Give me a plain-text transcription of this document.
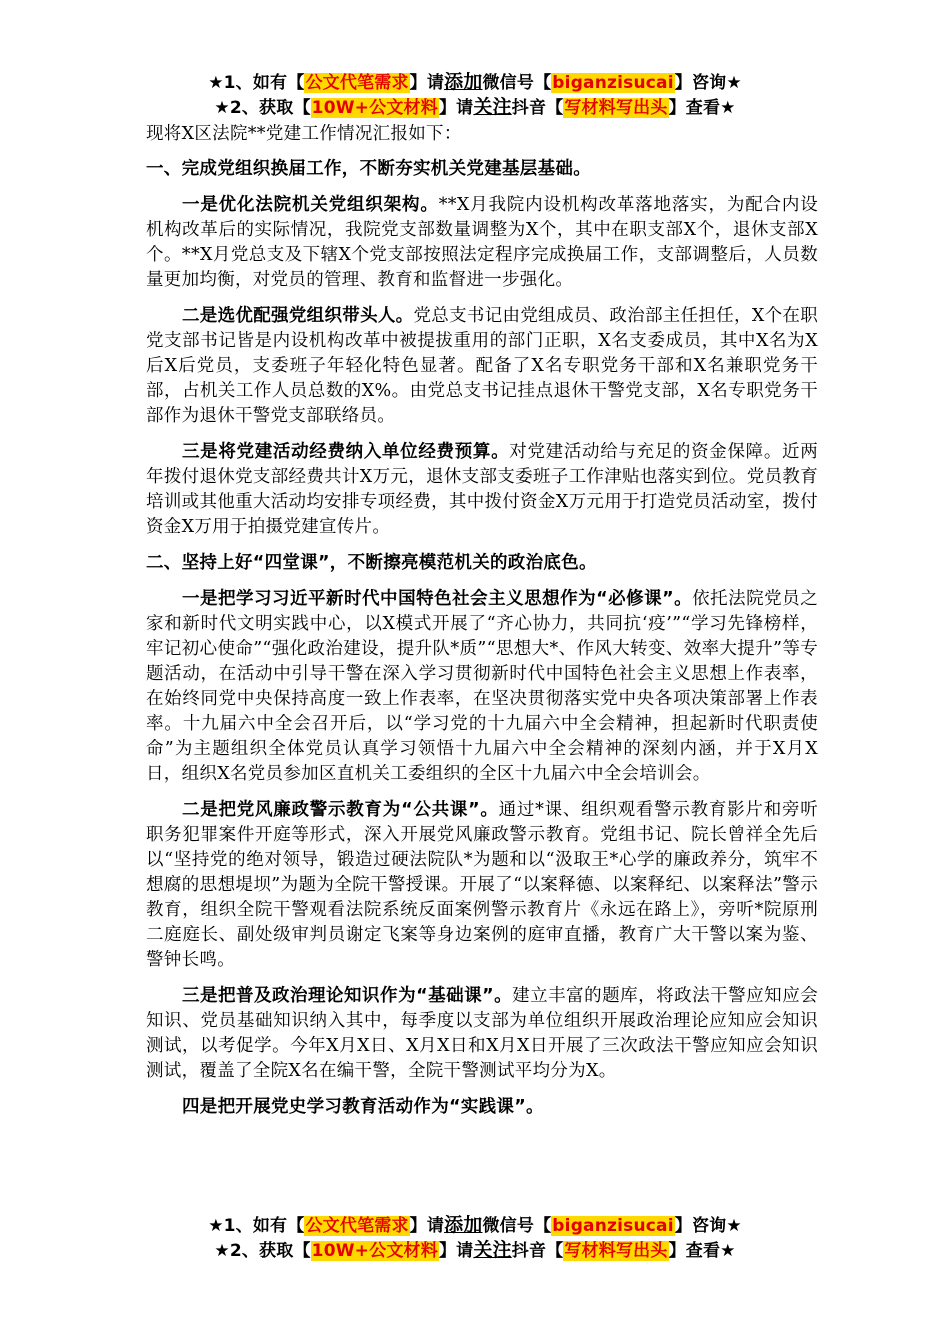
★1、如有【公文代笔需求】请添加微信号【biganzisucai】咨询★
★2、获取【10W+公文材料】请关注抖音【写材料写出头】查看★

现将X区法院**党建工作情况汇报如下：

一、完成党组织换届工作，不断夯实机关党建基层基础。

一是优化法院机关党组织架构。**X月我院内设机构改革落地落实，为配合内设机构改革后的实际情况，我院党支部数量调整为X个，其中在职支部X个，退休支部X个。**X月党总支及下辖X个党支部按照法定程序完成换届工作，支部调整后，人员数量更加均衡，对党员的管理、教育和监督进一步强化。

二是选优配强党组织带头人。党总支书记由党组成员、政治部主任担任，X个在职党支部书记皆是内设机构改革中被提拔重用的部门正职，X名支委成员，其中X名为X后X后党员，支委班子年轻化特色显著。配备了X名专职党务干部和X名兼职党务干部，占机关工作人员总数的X%。由党总支书记挂点退休干警党支部，X名专职党务干部作为退休干警党支部联络员。

三是将党建活动经费纳入单位经费预算。对党建活动给与充足的资金保障。近两年拨付退休党支部经费共计X万元，退休支部支委班子工作津贴也落实到位。党员教育培训或其他重大活动均安排专项经费，其中拨付资金X万元用于打造党员活动室，拨付资金X万用于拍摄党建宣传片。

二、坚持上好“四堂课”，不断擦亮模范机关的政治底色。

一是把学习习近平新时代中国特色社会主义思想作为“必修课”。依托法院党员之家和新时代文明实践中心，以X模式开展了“齐心协力，共同抗‘疫’”“学习先锋榜样，牢记初心使命”“强化政治建设，提升队*质”“思想大*、作风大转变、效率大提升”等专题活动，在活动中引导干警在深入学习贯彻新时代中国特色社会主义思想上作表率，在始终同党中央保持高度一致上作表率，在坚决贯彻落实党中央各项决策部署上作表率。十九届六中全会召开后，以“学习党的十九届六中全会精神，担起新时代职责使命”为主题组织全体党员认真学习领悟十九届六中全会精神的深刻内涵，并于X月X日，组织X名党员参加区直机关工委组织的全区十九届六中全会培训会。

二是把党风廉政警示教育为“公共课”。通过*课、组织观看警示教育影片和旁听职务犯罪案件开庭等形式，深入开展党风廉政警示教育。党组书记、院长曾祥全先后以“坚持党的绝对领导，锻造过硬法院队*为题和以“汲取王*心学的廉政养分，筑牢不想腐的思想堤坝”为题为全院干警授课。开展了“以案释德、以案释纪、以案释法”警示教育，组织全院干警观看法院系统反面案例警示教育片《永远在路上》，旁听*院原刑二庭庭长、副处级审判员谢定飞案等身边案例的庭审直播，教育广大干警以案为鉴、警钟长鸣。

三是把普及政治理论知识作为“基础课”。建立丰富的题库，将政法干警应知应会知识、党员基础知识纳入其中，每季度以支部为单位组织开展政治理论应知应会知识测试，以考促学。今年X月X日、X月X日和X月X日开展了三次政法干警应知应会知识测试，覆盖了全院X名在编干警，全院干警测试平均分为X。

四是把开展党史学习教育活动作为“实践课”。

★1、如有【公文代笔需求】请添加微信号【biganzisucai】咨询★
★2、获取【10W+公文材料】请关注抖音【写材料写出头】查看★
